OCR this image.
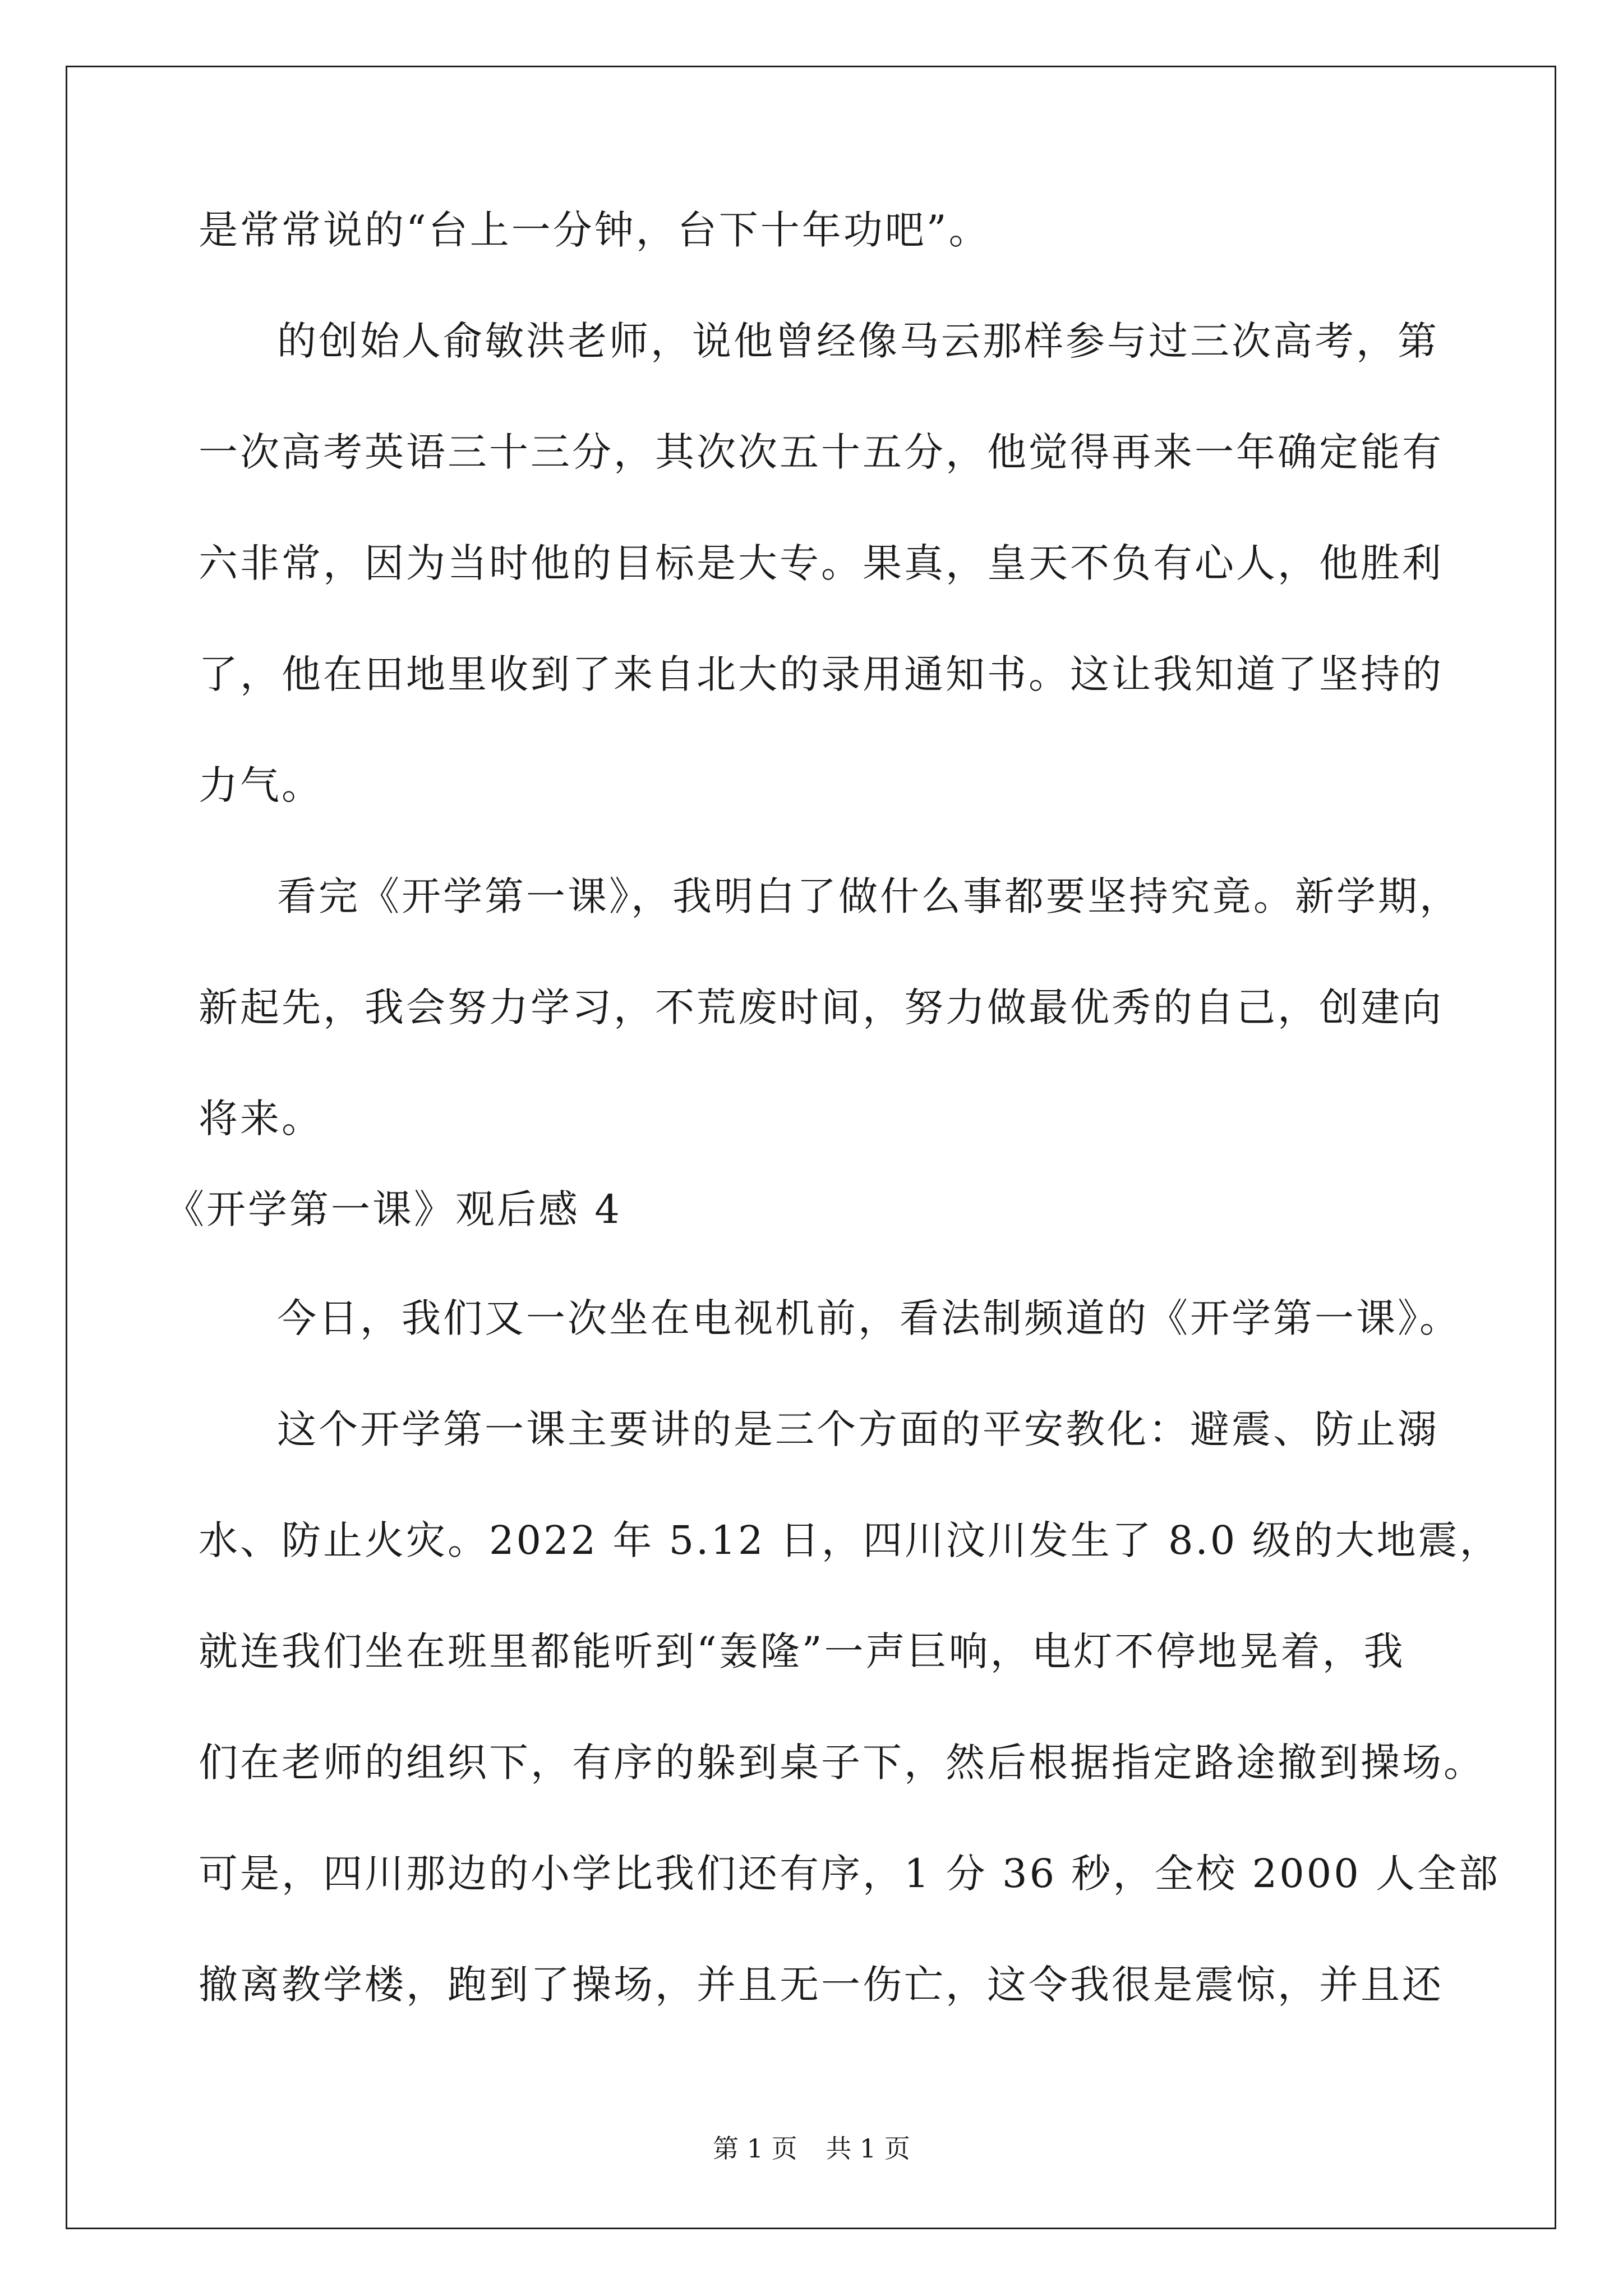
是常常说的“台上一分钟，台下十年功吧”。
的创始人俞敏洪老师，说他曾经像马云那样参与过三次高考，第
一次高考英语三十三分，其次次五十五分，他觉得再来一年确定能有
六非常，因为当时他的目标是大专。果真，皇天不负有心人，他胜利
了，他在田地里收到了来自北大的录用通知书。这让我知道了坚持的
力气。
看完《开学第一课》，我明白了做什么事都要坚持究竟。新学期，
新起先，我会努力学习，不荒废时间，努力做最优秀的自己，创建向
将来。
《开学第一课》观后感 4
今日，我们又一次坐在电视机前，看法制频道的《开学第一课》。
这个开学第一课主要讲的是三个方面的平安教化：避震、防止溺
水、防止火灾。2022 年 5.12 日，四川汶川发生了 8.0 级的大地震，
就连我们坐在班里都能听到“轰隆”一声巨响，电灯不停地晃着，我
们在老师的组织下，有序的躲到桌子下，然后根据指定路途撤到操场。
可是，四川那边的小学比我们还有序，1 分 36 秒，全校 2000 人全部
撤离教学楼，跑到了操场，并且无一伤亡，这令我很是震惊，并且还
第 1 页 共 1 页
